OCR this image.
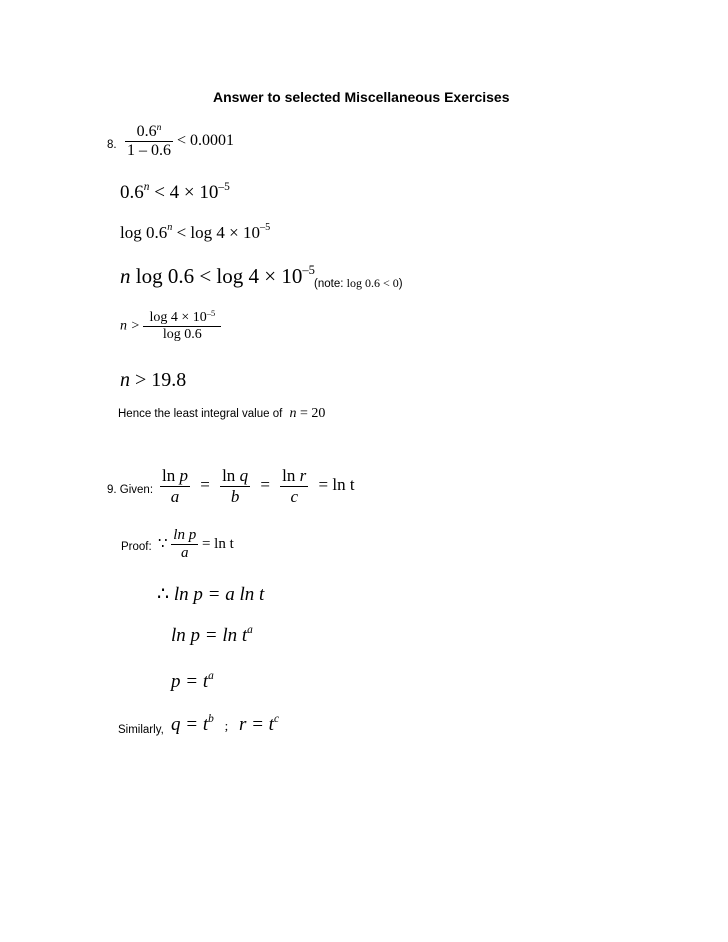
Answer to selected Miscellaneous Exercises
8. $\frac{0.6^n}{1 - 0.6} < 0.0001$
$0.6^n < 4 \times 10^{-5}$
$\log 0.6^n < \log 4 \times 10^{-5}$
n $\log 0.6 < \log 4 \times 10^{-5}$
(note: log 0.6 < 0)
$n > \frac{\log 4 \times 10^{-5}}{\log 0.6}$
n > 19.8
Hence the least integral value of n = 20
9. Given: $\frac{\text{ln p}}{a} = \frac{\text{ln q}}{b} = \frac{\text{ln r}}{c} = \ln t$
Proof: ∵ $\frac{\text{ln p}}{a} = \ln t$
∴ ln p = a ln t
$\ln p = \ln t^a$
$p = t^a$
Similarly, $q = t^b$ ; $r = t^c$
